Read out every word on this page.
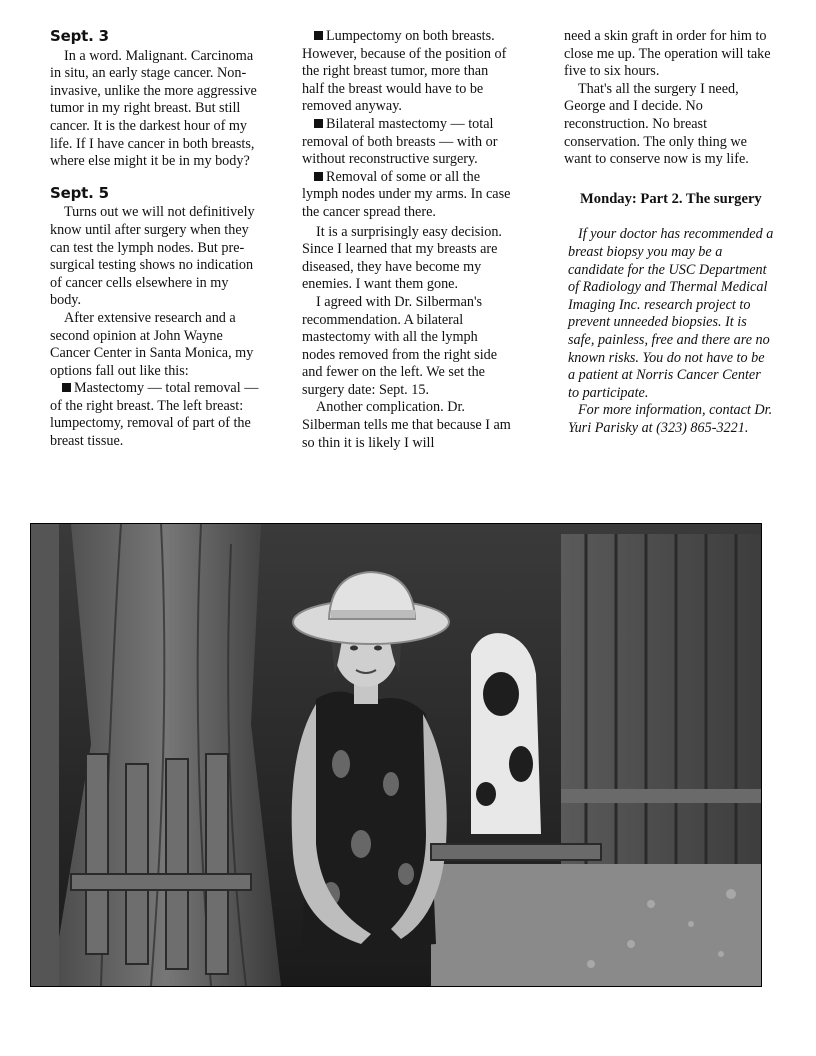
Sept. 3

In a word. Malignant. Carcinoma in situ, an early stage cancer. Non-invasive, unlike the more aggressive tumor in my right breast. But still cancer. It is the darkest hour of my life. If I have cancer in both breasts, where else might it be in my body?

Sept. 5

Turns out we will not definitively know until after surgery when they can test the lymph nodes. But pre-surgical testing shows no indication of cancer cells elsewhere in my body.

After extensive research and a second opinion at John Wayne Cancer Center in Santa Monica, my options fall out like this:

Mastectomy — total removal — of the right breast. The left breast: lumpectomy, removal of part of the breast tissue.

Lumpectomy on both breasts. However, because of the position of the right breast tumor, more than half the breast would have to be removed anyway.

Bilateral mastectomy — total removal of both breasts — with or without reconstructive surgery.

Removal of some or all the lymph nodes under my arms. In case the cancer spread there.

It is a surprisingly easy decision. Since I learned that my breasts are diseased, they have become my enemies. I want them gone.

I agreed with Dr. Silberman's recommendation. A bilateral mastectomy with all the lymph nodes removed from the right side and fewer on the left. We set the surgery date: Sept. 15.

Another complication. Dr. Silberman tells me that because I am so thin it is likely I will

need a skin graft in order for him to close me up. The operation will take five to six hours.

That's all the surgery I need, George and I decide. No reconstruction. No breast conservation. The only thing we want to conserve now is my life.

Monday: Part 2. The surgery

If your doctor has recommended a breast biopsy you may be a candidate for the USC Department of Radiology and Thermal Medical Imaging Inc. research project to prevent unneeded biopsies. It is safe, painless, free and there are no known risks. You do not have to be a patient at Norris Cancer Center to participate.

For more information, contact Dr. Yuri Parisky at (323) 865-3221.
